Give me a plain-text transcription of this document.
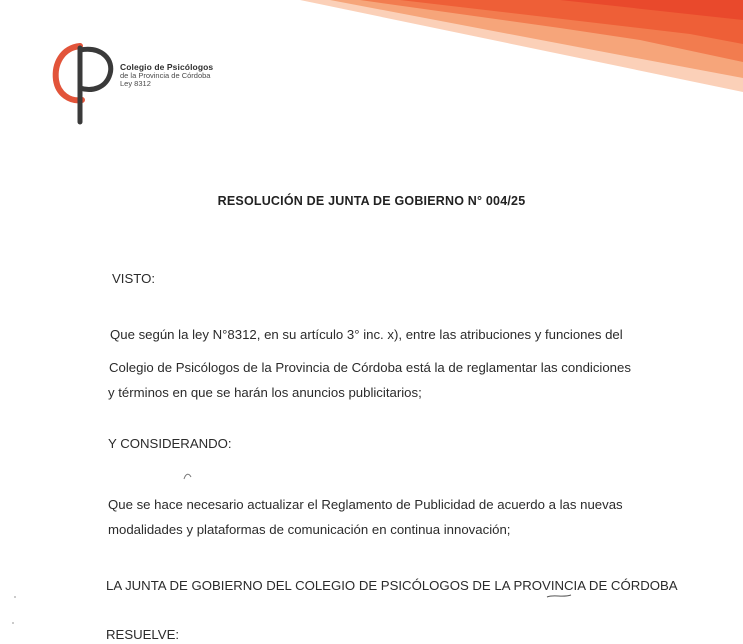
Colegio de Psicólogos
de la Provincia de Córdoba
Ley 8312
RESOLUCIÓN DE JUNTA DE GOBIERNO N° 004/25
VISTO:
Que según la ley N°8312, en su artículo 3° inc. x), entre las atribuciones y funciones del
Colegio de Psicólogos de la Provincia de Córdoba está la de reglamentar las condiciones
y términos en que se harán los anuncios publicitarios;
Y CONSIDERANDO:
Que se hace necesario actualizar el Reglamento de Publicidad de acuerdo a las nuevas
modalidades y plataformas de comunicación en continua innovación;
LA JUNTA DE GOBIERNO DEL COLEGIO DE PSICÓLOGOS DE LA PROVINCIA DE CÓRDOBA
RESUELVE:
